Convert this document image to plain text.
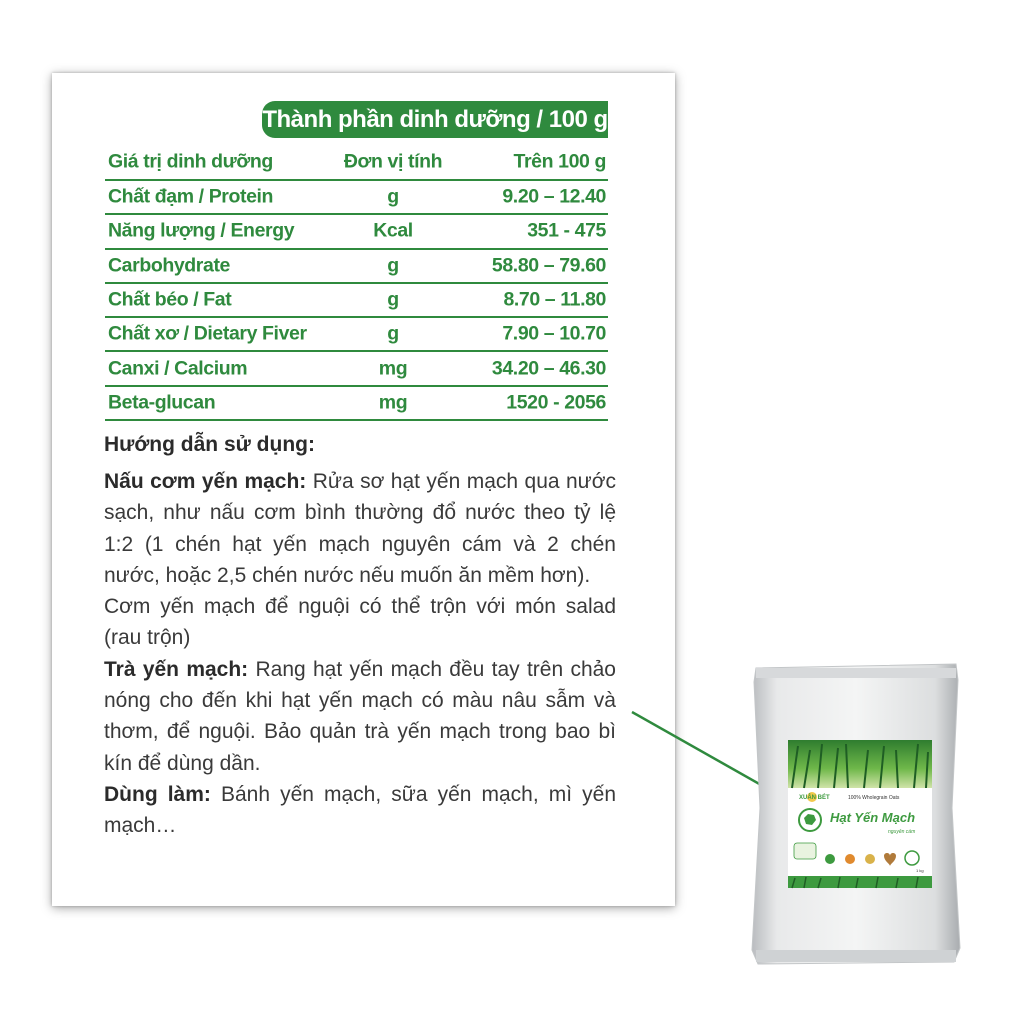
Thành phần dinh dưỡng / 100 g
Giá trị dinh dưỡng	Đơn vị tính	Trên 100 g
Chất đạm / Protein	g	9.20 – 12.40
Năng lượng / Energy	Kcal	351 - 475
Carbohydrate	g	58.80 – 79.60
Chất béo / Fat	g	8.70 – 11.80
Chất xơ / Dietary Fiver	g	7.90 – 10.70
Canxi / Calcium	mg	34.20 – 46.30
Beta-glucan	mg	1520 - 2056
Hướng dẫn sử dụng:

Nấu cơm yến mạch: Rửa sơ hạt yến mạch qua nước sạch, như nấu cơm bình thường đổ nước theo tỷ lệ 1:2 (1 chén hạt yến mạch nguyên cám và 2 chén nước, hoặc 2,5 chén nước nếu muốn ăn mềm hơn).

Cơm yến mạch để nguội có thể trộn với món salad (rau trộn)

Trà yến mạch: Rang hạt yến mạch đều tay trên chảo nóng cho đến khi hạt yến mạch có màu nâu sẫm và thơm, để nguội. Bảo quản trà yến mạch trong bao bì kín để dùng dần.

Dùng làm: Bánh yến mạch, sữa yến mạch, mì yến mạch…

XUÂN BÉT	100% Wholegrain Oats
Hạt Yến Mạch
nguyên cám
1 kg
